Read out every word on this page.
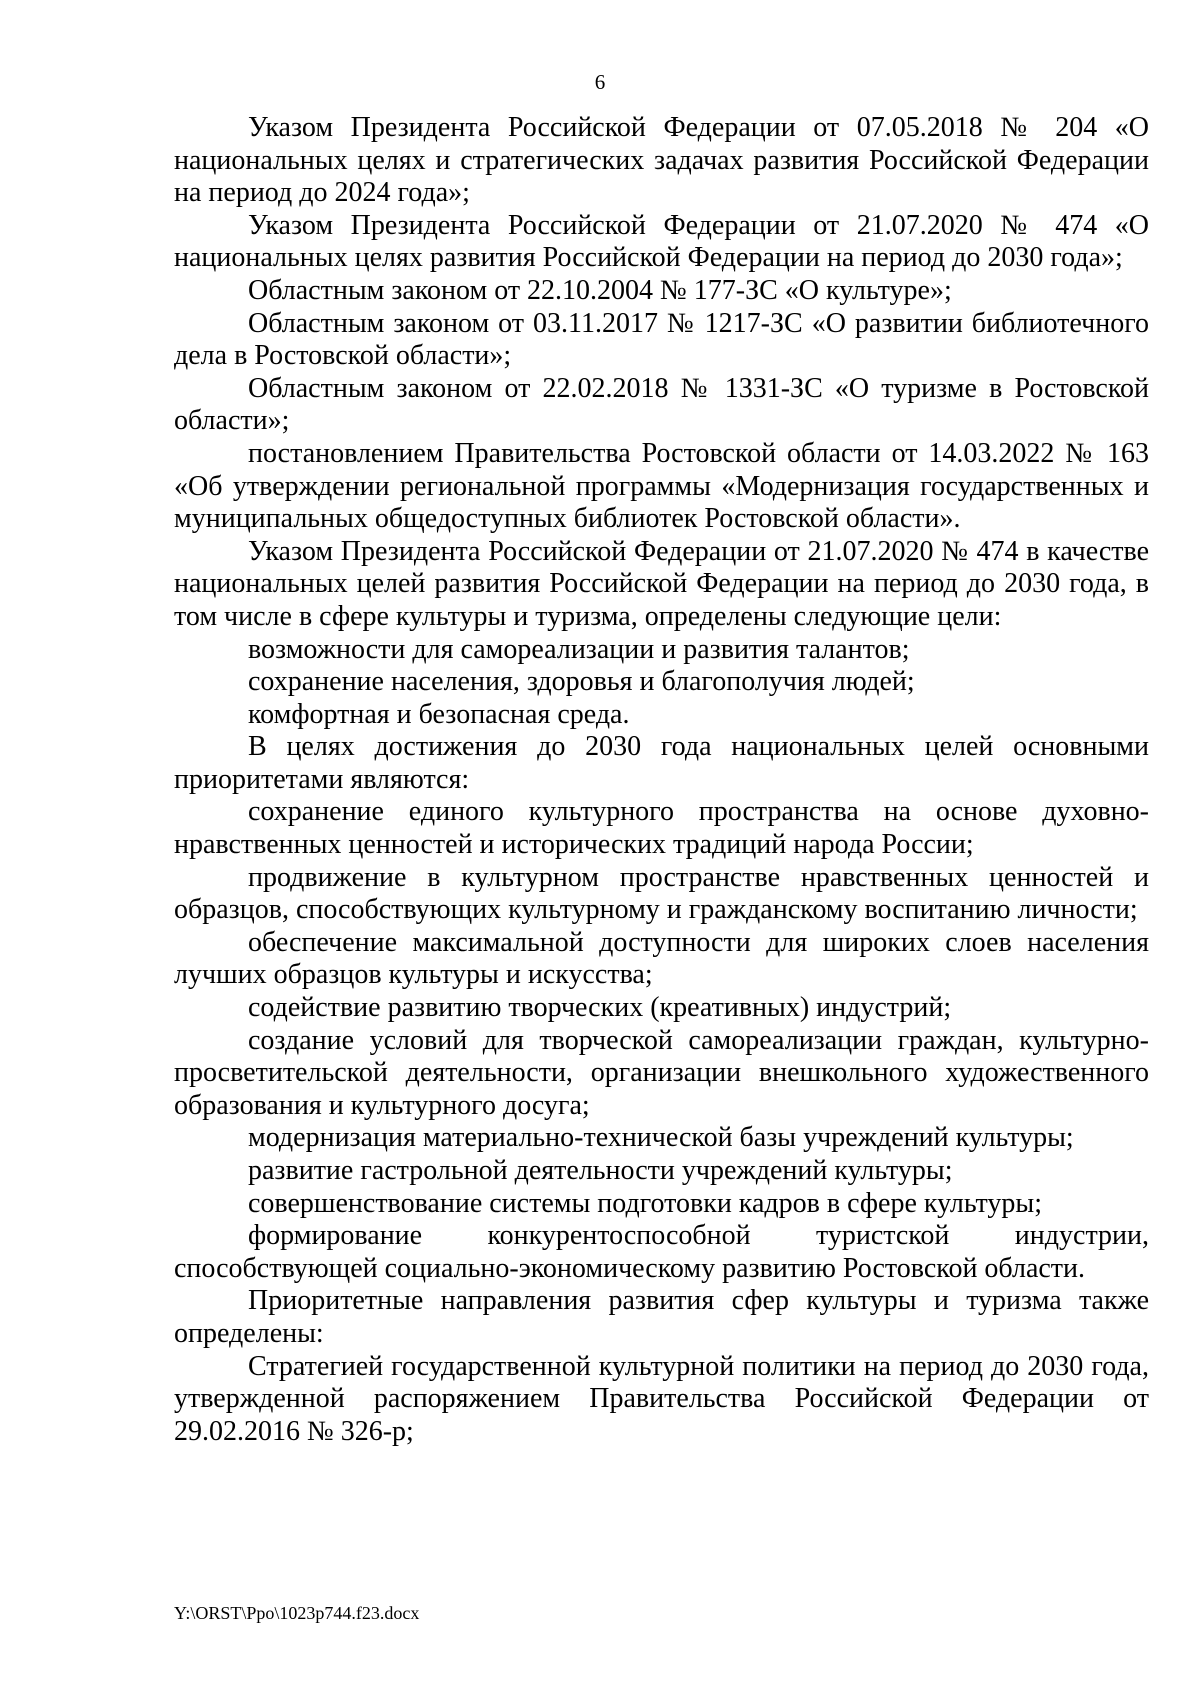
6

Указом Президента Российской Федерации от 07.05.2018 № 204 «О национальных целях и стратегических задачах развития Российской Федерации на период до 2024 года»;

Указом Президента Российской Федерации от 21.07.2020 № 474 «О национальных целях развития Российской Федерации на период до 2030 года»;

Областным законом от 22.10.2004 № 177-ЗС «О культуре»;

Областным законом от 03.11.2017 № 1217-ЗС «О развитии библиотечного дела в Ростовской области»;

Областным законом от 22.02.2018 № 1331-ЗС «О туризме в Ростовской области»;

постановлением Правительства Ростовской области от 14.03.2022 № 163 «Об утверждении региональной программы «Модернизация государственных и муниципальных общедоступных библиотек Ростовской области».

Указом Президента Российской Федерации от 21.07.2020 № 474 в качестве национальных целей развития Российской Федерации на период до 2030 года, в том числе в сфере культуры и туризма, определены следующие цели:

возможности для самореализации и развития талантов;

сохранение населения, здоровья и благополучия людей;

комфортная и безопасная среда.

В целях достижения до 2030 года национальных целей основными приоритетами являются:

сохранение единого культурного пространства на основе духовно-нравственных ценностей и исторических традиций народа России;

продвижение в культурном пространстве нравственных ценностей и образцов, способствующих культурному и гражданскому воспитанию личности;

обеспечение максимальной доступности для широких слоев населения лучших образцов культуры и искусства;

содействие развитию творческих (креативных) индустрий;

создание условий для творческой самореализации граждан, культурно-просветительской деятельности, организации внешкольного художественного образования и культурного досуга;

модернизация материально-технической базы учреждений культуры;

развитие гастрольной деятельности учреждений культуры;

совершенствование системы подготовки кадров в сфере культуры;

формирование конкурентоспособной туристской индустрии, способствующей социально-экономическому развитию Ростовской области.

Приоритетные направления развития сфер культуры и туризма также определены:

Стратегией государственной культурной политики на период до 2030 года, утвержденной распоряжением Правительства Российской Федерации от 29.02.2016 № 326-р;

Y:\ORST\Ppo\1023p744.f23.docx
